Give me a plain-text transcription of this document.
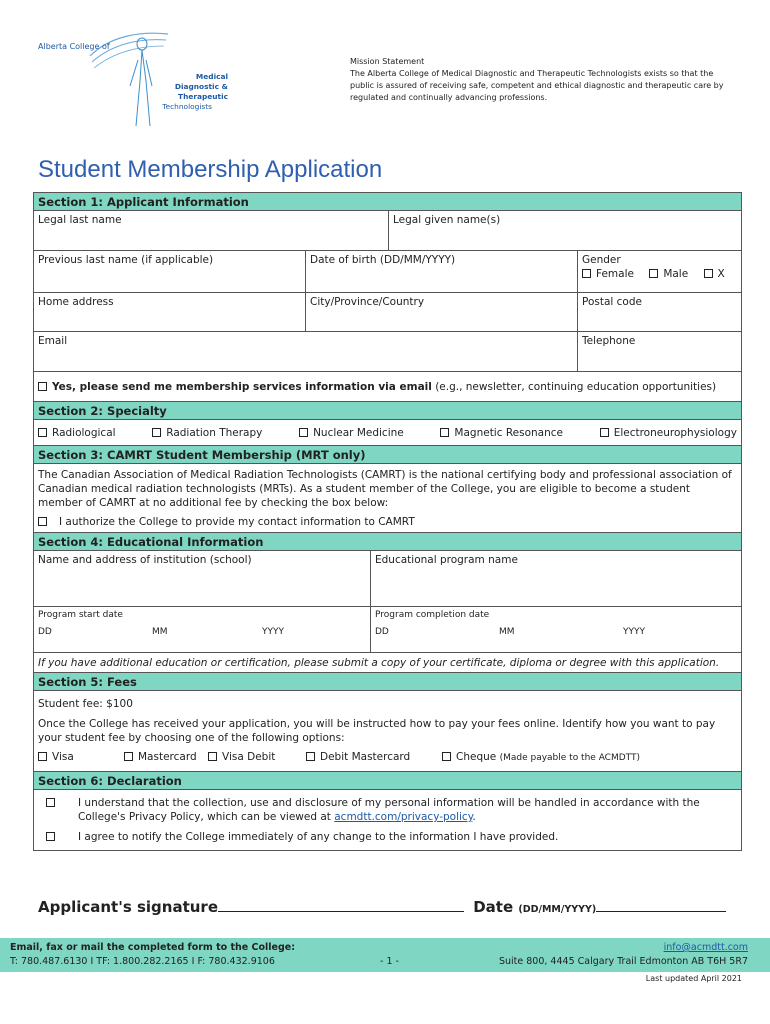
Alberta College of
Medical
Diagnostic & Therapeutic
Technologists
Mission Statement
The Alberta College of Medical Diagnostic and Therapeutic Technologists exists so that the public is assured of receiving safe, competent and ethical diagnostic and therapeutic care by regulated and continually advancing professions.
Student Membership Application
Section 1: Applicant Information
Legal last name	Legal given name(s)
Previous last name (if applicable)	Date of birth (DD/MM/YYYY)	Gender
Female	Male	X
Home address	City/Province/Country	Postal code
Email	Telephone
Yes, please send me membership services information via email (e.g., newsletter, continuing education opportunities)
Section 2: Specialty
Radiological	Radiation Therapy	Nuclear Medicine	Magnetic Resonance	Electroneurophysiology
Section 3: CAMRT Student Membership (MRT only)
The Canadian Association of Medical Radiation Technologists (CAMRT) is the national certifying body and professional association of Canadian medical radiation technologists (MRTs). As a student member of the College, you are eligible to become a student member of CAMRT at no additional fee by checking the box below:
I authorize the College to provide my contact information to CAMRT
Section 4: Educational Information
Name and address of institution (school)	Educational program name
Program start date
DD	MM	YYYY
Program completion date
DD	MM	YYYY
If you have additional education or certification, please submit a copy of your certificate, diploma or degree with this application.
Section 5: Fees
Student fee: $100
Once the College has received your application, you will be instructed how to pay your fees online. Identify how you want to pay your student fee by choosing one of the following options:
Visa	Mastercard	Visa Debit	Debit Mastercard	Cheque (Made payable to the ACMDTT)
Section 6: Declaration
I understand that the collection, use and disclosure of my personal information will be handled in accordance with the College's Privacy Policy, which can be viewed at acmdtt.com/privacy-policy.
I agree to notify the College immediately of any change to the information I have provided.
Applicant's signature	Date (DD/MM/YYYY)
Email, fax or mail the completed form to the College:
T: 780.487.6130 I TF: 1.800.282.2165 I F: 780.432.9106	- 1 -
info@acmdtt.com
Suite 800, 4445 Calgary Trail Edmonton AB T6H 5R7
Last updated April 2021
